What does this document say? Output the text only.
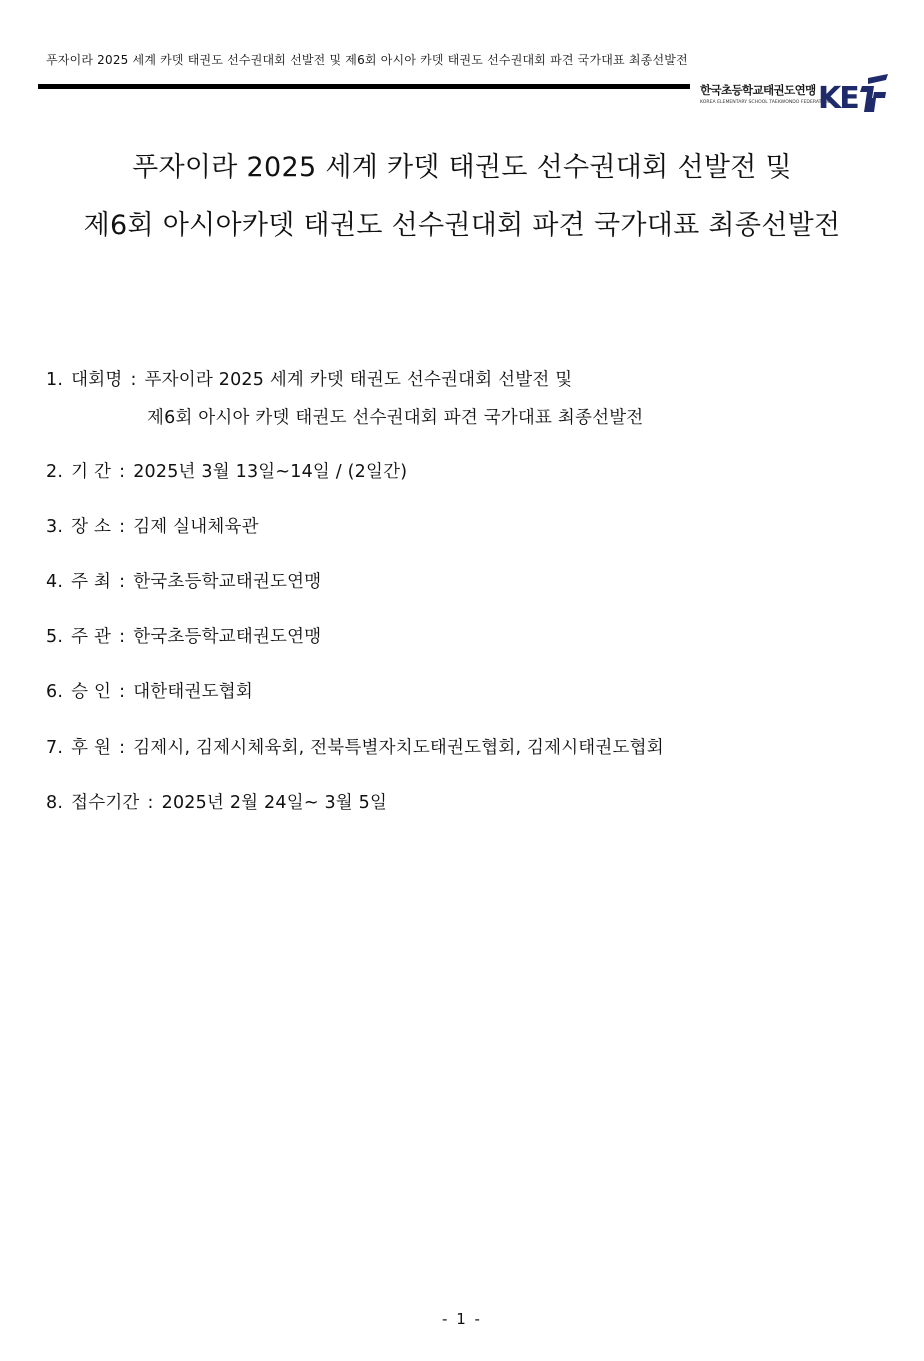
푸자이라 2025 세계 카뎃 태권도 선수권대회 선발전 및 제6회 아시아 카뎃 태권도 선수권대회 파견 국가대표 최종선발전
한국초등학교태권도연맹
KOREA ELEMENTARY SCHOOL TAEKWONDO FEDERATION
KE
푸자이라 2025 세계 카뎃 태권도 선수권대회 선발전 및
제6회 아시아카뎃 태권도 선수권대회 파견 국가대표 최종선발전
1. 대회명 : 푸자이라 2025 세계 카뎃 태권도 선수권대회 선발전 및
제6회 아시아 카뎃 태권도 선수권대회 파견 국가대표 최종선발전
2. 기 간 : 2025년 3월 13일~14일 / (2일간)
3. 장 소 : 김제 실내체육관
4. 주 최 : 한국초등학교태권도연맹
5. 주 관 : 한국초등학교태권도연맹
6. 승 인 : 대한태권도협회
7. 후 원 : 김제시, 김제시체육회, 전북특별자치도태권도협회, 김제시태권도협회
8. 접수기간 : 2025년 2월 24일~ 3월 5일
- 1 -
